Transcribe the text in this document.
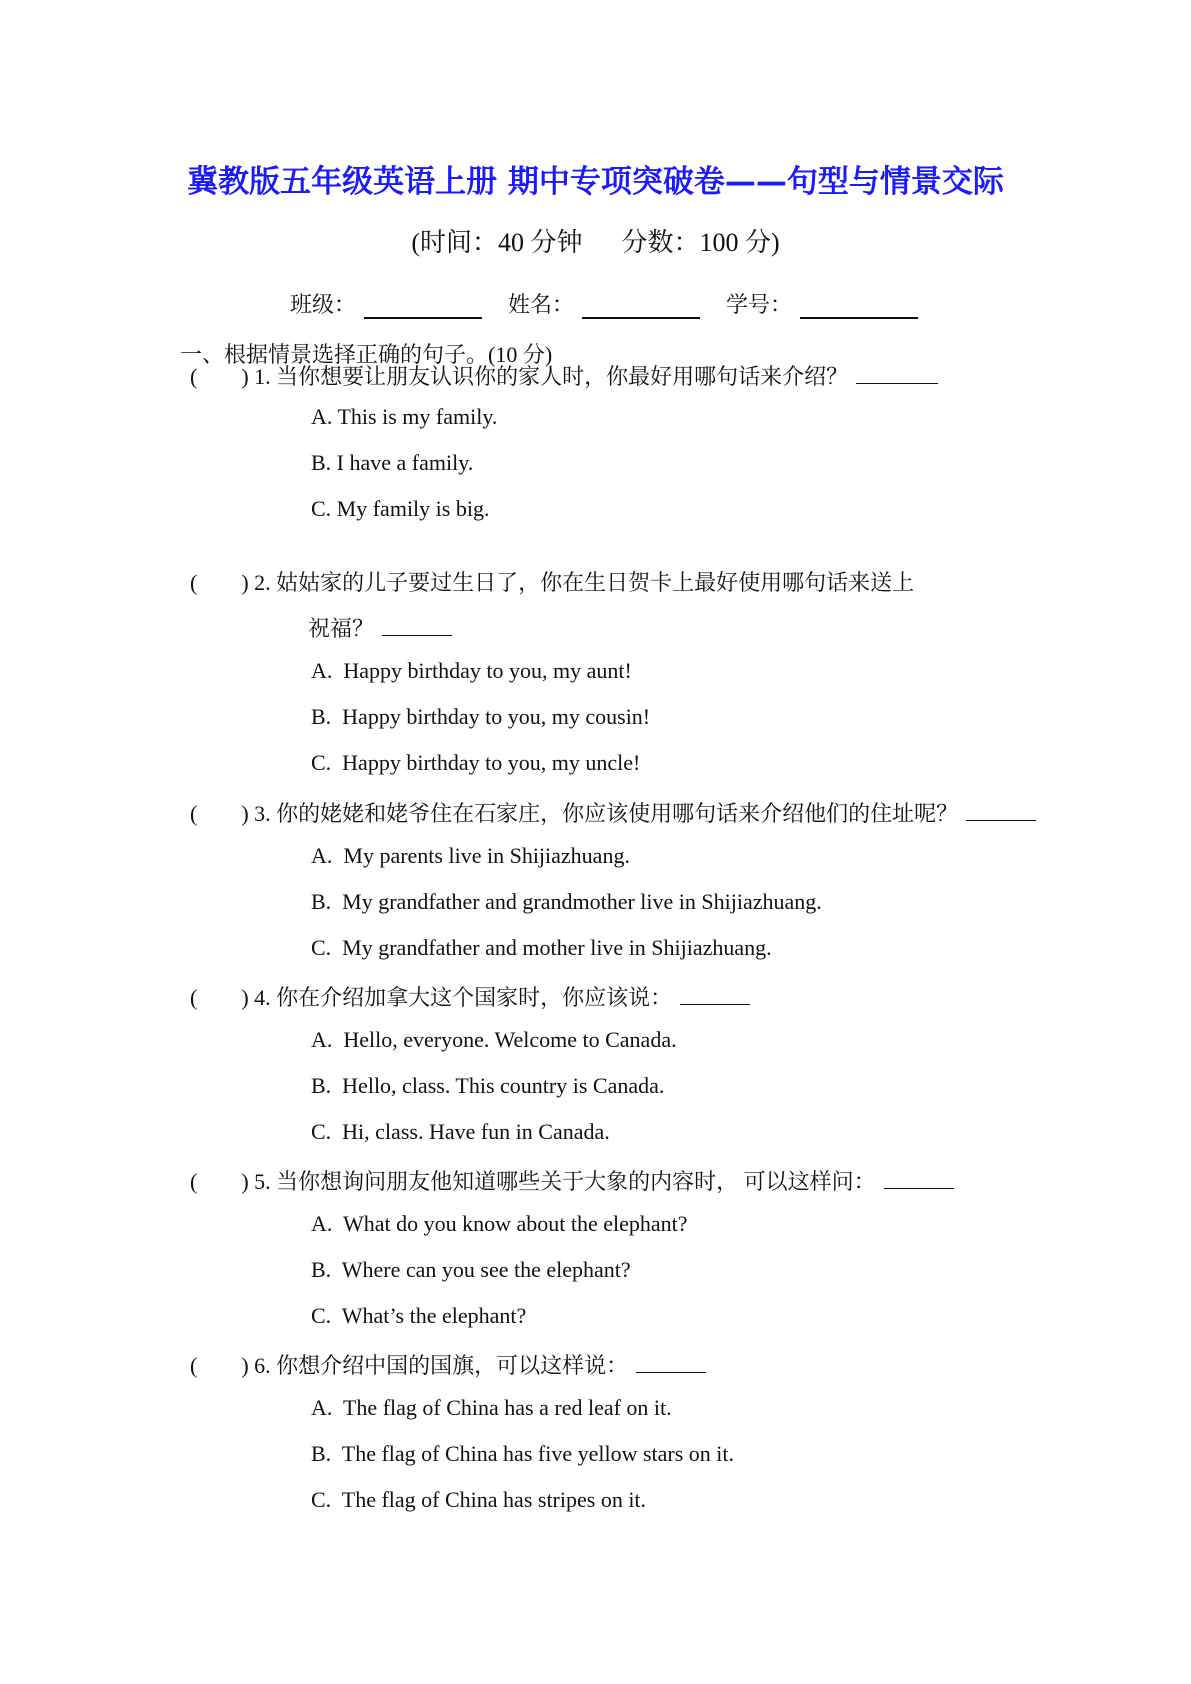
冀教版五年级英语上册 期中专项突破卷——句型与情景交际
(时间：40 分钟      分数：100 分)
班级：	姓名：	学号：
一、根据情景选择正确的句子。(10 分)
(        ) 1. 当你想要让朋友认识你的家人时，你最好用哪句话来介绍？
A. This is my family.
B. I have a family.
C. My family is big.
(        ) 2. 姑姑家的儿子要过生日了，你在生日贺卡上最好使用哪句话来送上
祝福？
A.  Happy birthday to you, my aunt!
B.  Happy birthday to you, my cousin!
C.  Happy birthday to you, my uncle!
(        ) 3. 你的姥姥和姥爷住在石家庄，你应该使用哪句话来介绍他们的住址呢？
A.  My parents live in Shijiazhuang.
B.  My grandfather and grandmother live in Shijiazhuang.
C.  My grandfather and mother live in Shijiazhuang.
(        ) 4. 你在介绍加拿大这个国家时，你应该说：
A.  Hello, everyone. Welcome to Canada.
B.  Hello, class. This country is Canada.
C.  Hi, class. Have fun in Canada.
(        ) 5. 当你想询问朋友他知道哪些关于大象的内容时， 可以这样问：
A.  What do you know about the elephant?
B.  Where can you see the elephant?
C.  What’s the elephant?
(        ) 6. 你想介绍中国的国旗，可以这样说：
A.  The flag of China has a red leaf on it.
B.  The flag of China has five yellow stars on it.
C.  The flag of China has stripes on it.
